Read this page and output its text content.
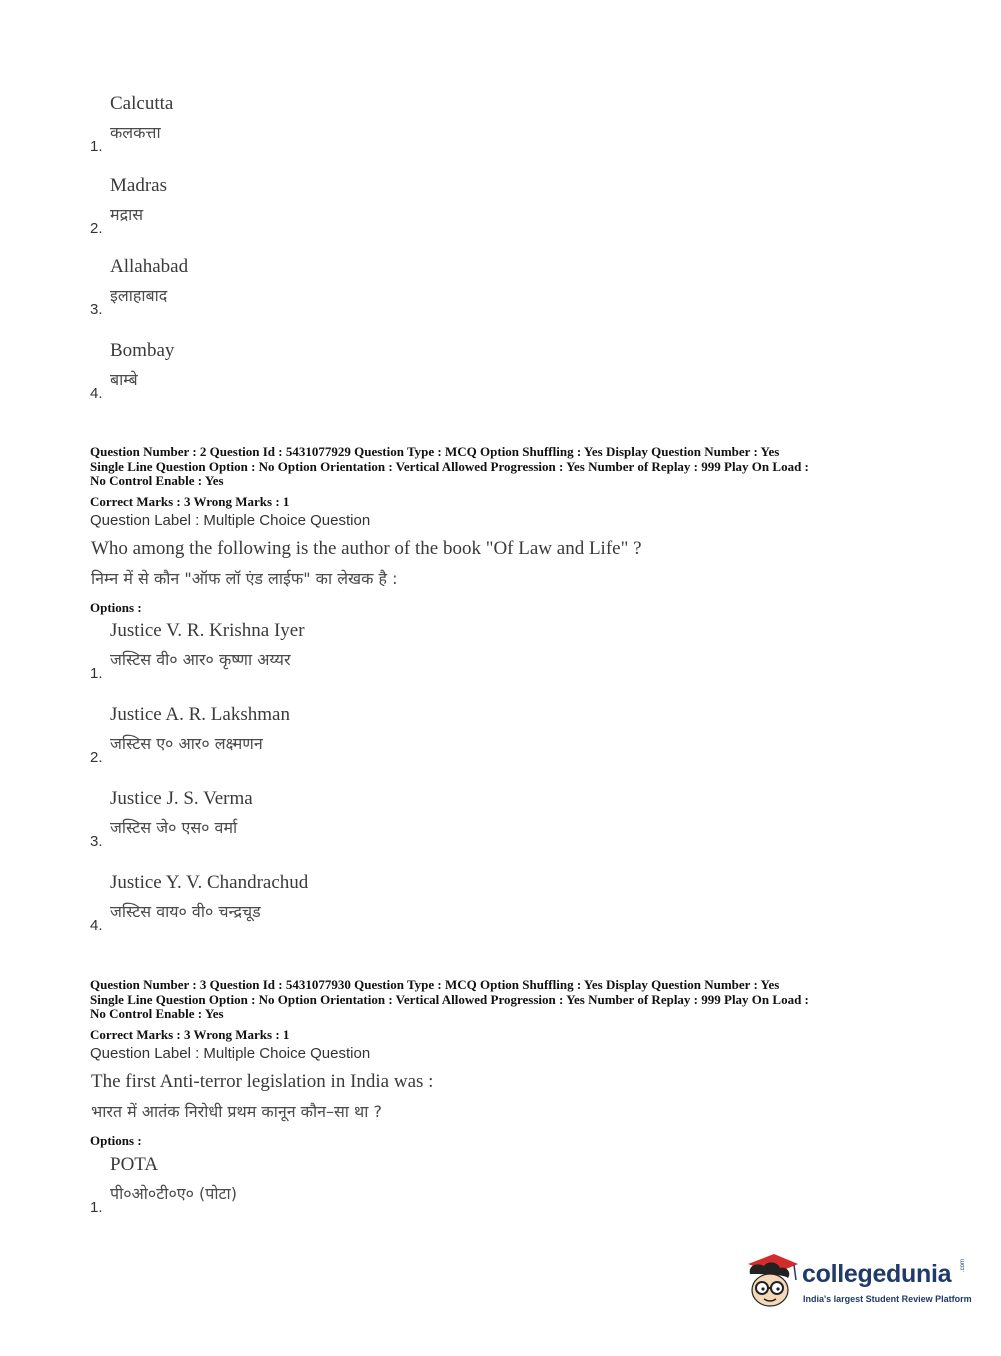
Calcutta
कलकत्ता
1.
Madras
मद्रास
2.
Allahabad
इलाहाबाद
3.
Bombay
बाम्बे
4.
Question Number : 2 Question Id : 5431077929 Question Type : MCQ Option Shuffling : Yes Display Question Number : Yes
Single Line Question Option : No Option Orientation : Vertical Allowed Progression : Yes Number of Replay : 999 Play On Load :
No Control Enable : Yes
Correct Marks : 3 Wrong Marks : 1
Question Label : Multiple Choice Question
Who among the following is the author of the book "Of Law and Life" ?
निम्न में से कौन "ऑफ लॉ एंड लाईफ" का लेखक है :
Options :
Justice V. R. Krishna Iyer
जस्टिस वी० आर० कृष्णा अय्यर
1.
Justice A. R. Lakshman
जस्टिस ए० आर० लक्ष्मणन
2.
Justice J. S. Verma
जस्टिस जे० एस० वर्मा
3.
Justice Y. V. Chandrachud
जस्टिस वाय० वी० चन्द्रचूड
4.
Question Number : 3 Question Id : 5431077930 Question Type : MCQ Option Shuffling : Yes Display Question Number : Yes
Single Line Question Option : No Option Orientation : Vertical Allowed Progression : Yes Number of Replay : 999 Play On Load :
No Control Enable : Yes
Correct Marks : 3 Wrong Marks : 1
Question Label : Multiple Choice Question
The first Anti-terror legislation in India was :
भारत में आतंक निरोधी प्रथम कानून कौन–सा था ?
Options :
POTA
पी०ओ०टी०ए० (पोटा)
1.
collegedunia .com
India's largest Student Review Platform
